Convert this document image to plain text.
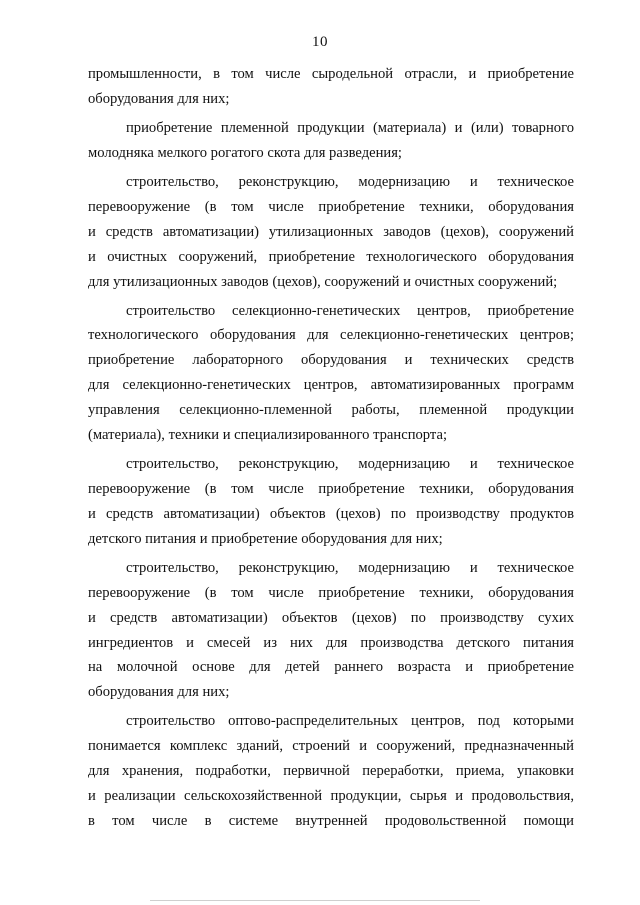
10
промышленности, в том числе сыродельной отрасли, и приобретение
оборудования для них;
приобретение племенной продукции (материала) и (или) товарного
молодняка мелкого рогатого скота для разведения;
строительство, реконструкцию, модернизацию и техническое
перевооружение (в том числе приобретение техники, оборудования
и средств автоматизации) утилизационных заводов (цехов), сооружений
и очистных сооружений, приобретение технологического оборудования
для утилизационных заводов (цехов), сооружений и очистных сооружений;
строительство селекционно-генетических центров, приобретение
технологического оборудования для селекционно-генетических центров;
приобретение лабораторного оборудования и технических средств
для селекционно-генетических центров, автоматизированных программ
управления селекционно-племенной работы, племенной продукции
(материала), техники и специализированного транспорта;
строительство, реконструкцию, модернизацию и техническое
перевооружение (в том числе приобретение техники, оборудования
и средств автоматизации) объектов (цехов) по производству продуктов
детского питания и приобретение оборудования для них;
строительство, реконструкцию, модернизацию и техническое
перевооружение (в том числе приобретение техники, оборудования
и средств автоматизации) объектов (цехов) по производству сухих
ингредиентов и смесей из них для производства детского питания
на молочной основе для детей раннего возраста и приобретение
оборудования для них;
строительство оптово-распределительных центров, под которыми
понимается комплекс зданий, строений и сооружений, предназначенный
для хранения, подработки, первичной переработки, приема, упаковки
и реализации сельскохозяйственной продукции, сырья и продовольствия,
в том числе в системе внутренней продовольственной помощи
